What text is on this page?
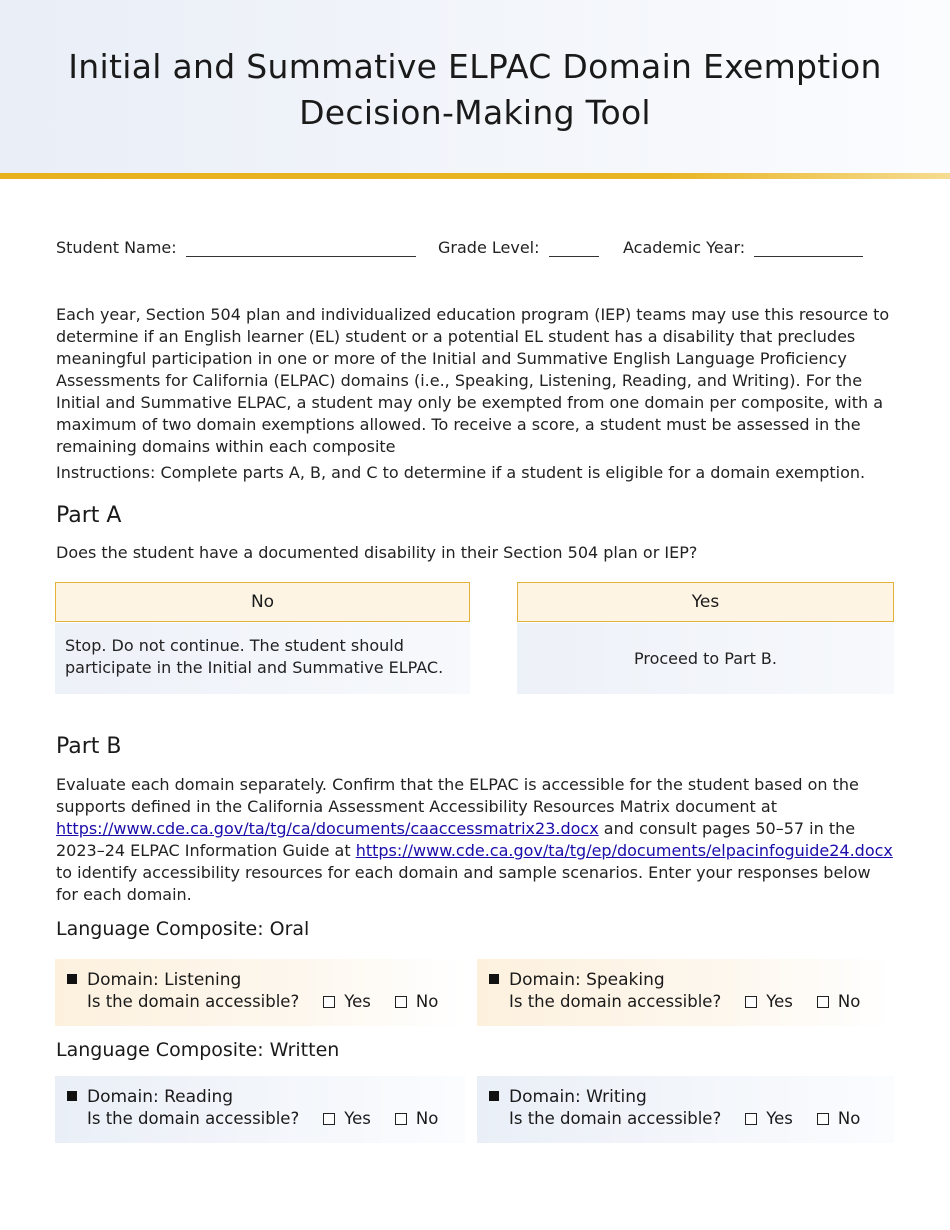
Initial and Summative ELPAC Domain Exemption
Decision-Making Tool
Student Name:	Grade Level:	Academic Year:
Each year, Section 504 plan and individualized education program (IEP) teams may use this resource to determine if an English learner (EL) student or a potential EL student has a disability that precludes meaningful participation in one or more of the Initial and Summative English Language Proficiency Assessments for California (ELPAC) domains (i.e., Speaking, Listening, Reading, and Writing). For the Initial and Summative ELPAC, a student may only be exempted from one domain per composite, with a maximum of two domain exemptions allowed. To receive a score, a student must be assessed in the remaining domains within each composite
Instructions: Complete parts A, B, and C to determine if a student is eligible for a domain exemption.
Part A
Does the student have a documented disability in their Section 504 plan or IEP?
No
Stop. Do not continue. The student should participate in the Initial and Summative ELPAC.
Yes
Proceed to Part B.
Part B
Evaluate each domain separately. Confirm that the ELPAC is accessible for the student based on the supports defined in the California Assessment Accessibility Resources Matrix document at https://www.cde.ca.gov/ta/tg/ca/documents/caaccessmatrix23.docx and consult pages 50–57 in the 2023–24 ELPAC Information Guide at https://www.cde.ca.gov/ta/tg/ep/documents/elpacinfoguide24.docx to identify accessibility resources for each domain and sample scenarios. Enter your responses below for each domain.
Language Composite: Oral
Domain: Listening
Is the domain accessible?	Yes	No
Domain: Speaking
Is the domain accessible?	Yes	No
Language Composite: Written
Domain: Reading
Is the domain accessible?	Yes	No
Domain: Writing
Is the domain accessible?	Yes	No
